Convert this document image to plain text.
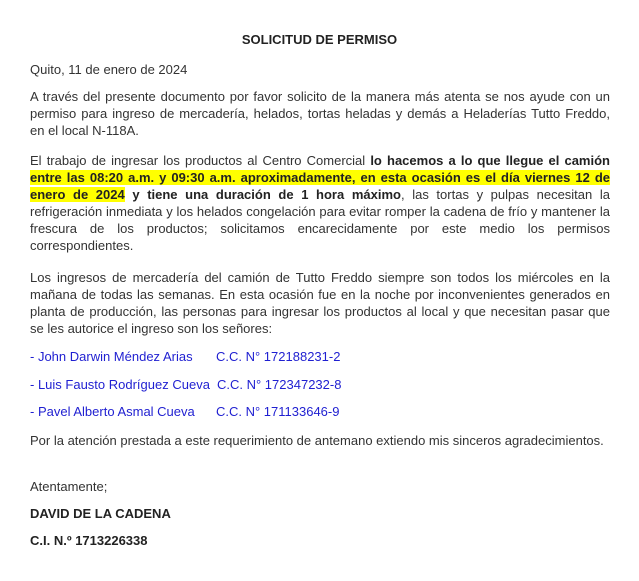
SOLICITUD DE PERMISO
Quito, 11 de enero de 2024
A través del presente documento por favor solicito de la manera más atenta se nos ayude con un permiso para ingreso de mercadería, helados, tortas heladas y demás a Heladerías Tutto Freddo, en el local N-118A.
El trabajo de ingresar los productos al Centro Comercial lo hacemos a lo que llegue el camión entre las 08:20 a.m. y 09:30 a.m. aproximadamente, en esta ocasión es el día viernes 12 de enero de 2024 y tiene una duración de 1 hora máximo, las tortas y pulpas necesitan la refrigeración inmediata y los helados congelación para evitar romper la cadena de frío y mantener la frescura de los productos; solicitamos encarecidamente por este medio los permisos correspondientes.
Los ingresos de mercadería del camión de Tutto Freddo siempre son todos los miércoles en la mañana de todas las semanas. En esta ocasión fue en la noche por inconvenientes generados en planta de producción, las personas para ingresar los productos al local y que necesitan pasar que se les autorice el ingreso son los señores:
- John Darwin Méndez Arias C.C. N° 172188231-2
- Luis Fausto Rodríguez Cueva C.C. N° 172347232-8
- Pavel Alberto Asmal Cueva C.C. N° 171133646-9
Por la atención prestada a este requerimiento de antemano extiendo mis sinceros agradecimientos.
Atentamente;
DAVID DE LA CADENA
C.I. N.º 1713226338
